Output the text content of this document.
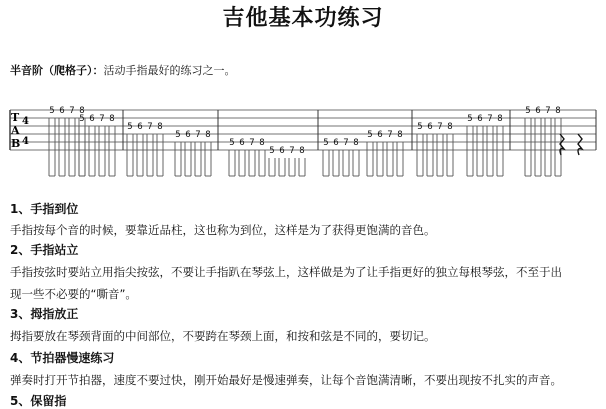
吉他基本功练习
半音阶（爬格子）：活动手指最好的练习之一。
T
A
B
4
4
5 6 7 8
5 6 7 8
5 6 7 8
5 6 7 8
5 6 7 8
5 6 7 8
5 6 7 8
5 6 7 8
5 6 7 8
5 6 7 8
5 6 7 8
1、手指到位
手指按每个音的时候，要靠近品柱，这也称为到位，这样是为了获得更饱满的音色。
2、手指站立
手指按弦时要站立用指尖按弦，不要让手指趴在琴弦上，这样做是为了让手指更好的独立每根琴弦，不至于出
现一些不必要的“嘶音”。
3、拇指放正
拇指要放在琴颈背面的中间部位，不要跨在琴颈上面，和按和弦是不同的，要切记。
4、节拍器慢速练习
弹奏时打开节拍器，速度不要过快，刚开始最好是慢速弹奏，让每个音饱满清晰，不要出现按不扎实的声音。
5、保留指
